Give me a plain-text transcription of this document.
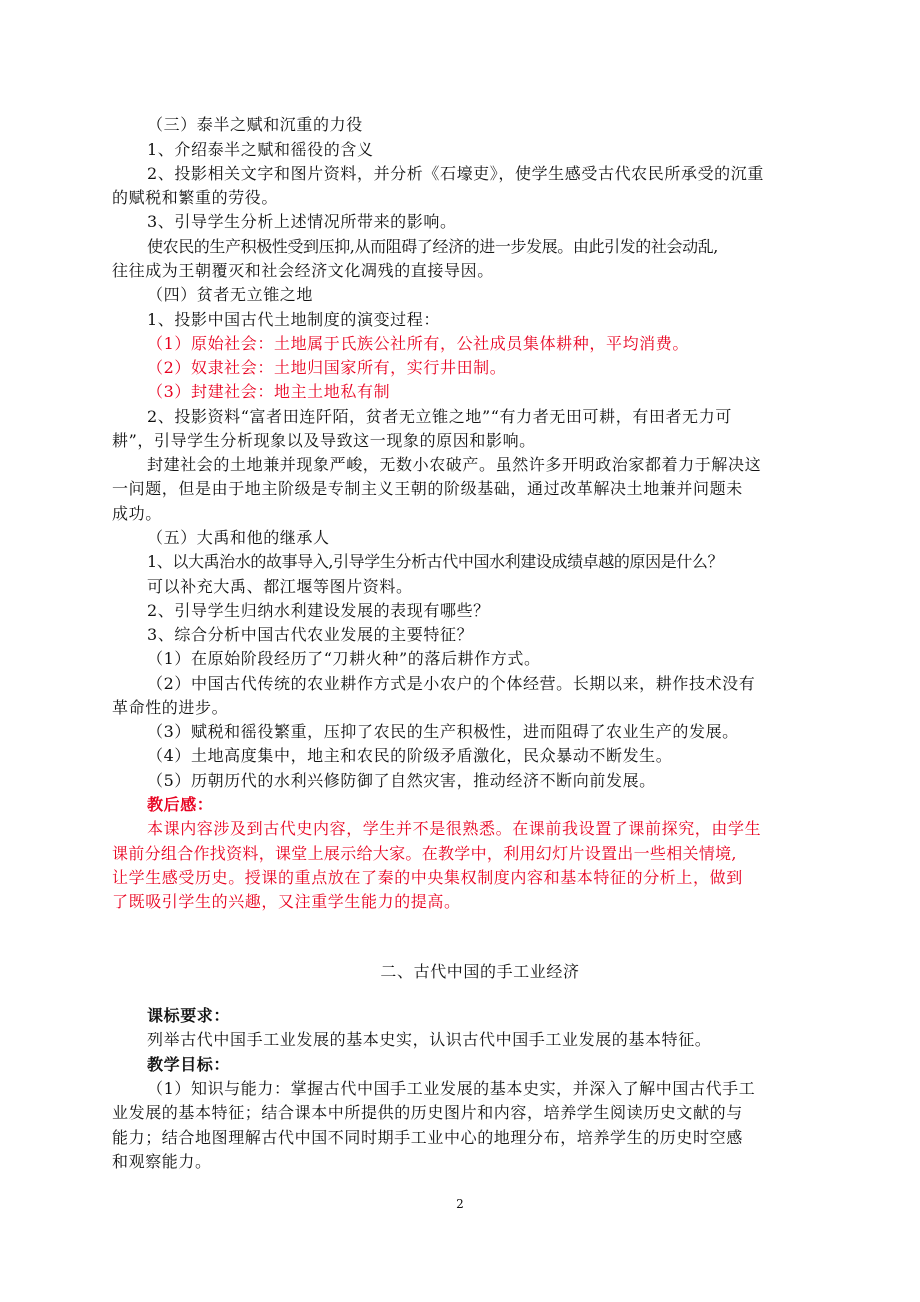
（三）泰半之赋和沉重的力役

1、介绍泰半之赋和徭役的含义

2、投影相关文字和图片资料，并分析《石壕吏》，使学生感受古代农民所承受的沉重

的赋税和繁重的劳役。

3、引导学生分析上述情况所带来的影响。

使农民的生产积极性受到压抑,从而阻碍了经济的进一步发展。由此引发的社会动乱,

往往成为王朝覆灭和社会经济文化凋残的直接导因。

（四）贫者无立锥之地

1、投影中国古代土地制度的演变过程：

（1）原始社会：土地属于氏族公社所有，公社成员集体耕种，平均消费。

（2）奴隶社会：土地归国家所有，实行井田制。

（3）封建社会：地主土地私有制

2、投影资料“富者田连阡陌，贫者无立锥之地”“有力者无田可耕，有田者无力可

耕”，引导学生分析现象以及导致这一现象的原因和影响。

封建社会的土地兼并现象严峻，无数小农破产。虽然许多开明政治家都着力于解决这

一问题，但是由于地主阶级是专制主义王朝的阶级基础，通过改革解决土地兼并问题未

成功。

（五）大禹和他的继承人

1、以大禹治水的故事导入,引导学生分析古代中国水利建设成绩卓越的原因是什么？

可以补充大禹、都江堰等图片资料。

2、引导学生归纳水利建设发展的表现有哪些？

3、综合分析中国古代农业发展的主要特征？

（1）在原始阶段经历了“刀耕火种”的落后耕作方式。

（2）中国古代传统的农业耕作方式是小农户的个体经营。长期以来，耕作技术没有

革命性的进步。

（3）赋税和徭役繁重，压抑了农民的生产积极性，进而阻碍了农业生产的发展。

（4）土地高度集中，地主和农民的阶级矛盾激化，民众暴动不断发生。

（5）历朝历代的水利兴修防御了自然灾害，推动经济不断向前发展。

教后感：

本课内容涉及到古代史内容，学生并不是很熟悉。在课前我设置了课前探究，由学生

课前分组合作找资料，课堂上展示给大家。在教学中，利用幻灯片设置出一些相关情境,

让学生感受历史。授课的重点放在了秦的中央集权制度内容和基本特征的分析上，做到

了既吸引学生的兴趣，又注重学生能力的提高。

二、古代中国的手工业经济

课标要求：

列举古代中国手工业发展的基本史实，认识古代中国手工业发展的基本特征。

教学目标：

（1）知识与能力：掌握古代中国手工业发展的基本史实，并深入了解中国古代手工

业发展的基本特征；结合课本中所提供的历史图片和内容，培养学生阅读历史文献的与

能力；结合地图理解古代中国不同时期手工业中心的地理分布，培养学生的历史时空感

和观察能力。

2
